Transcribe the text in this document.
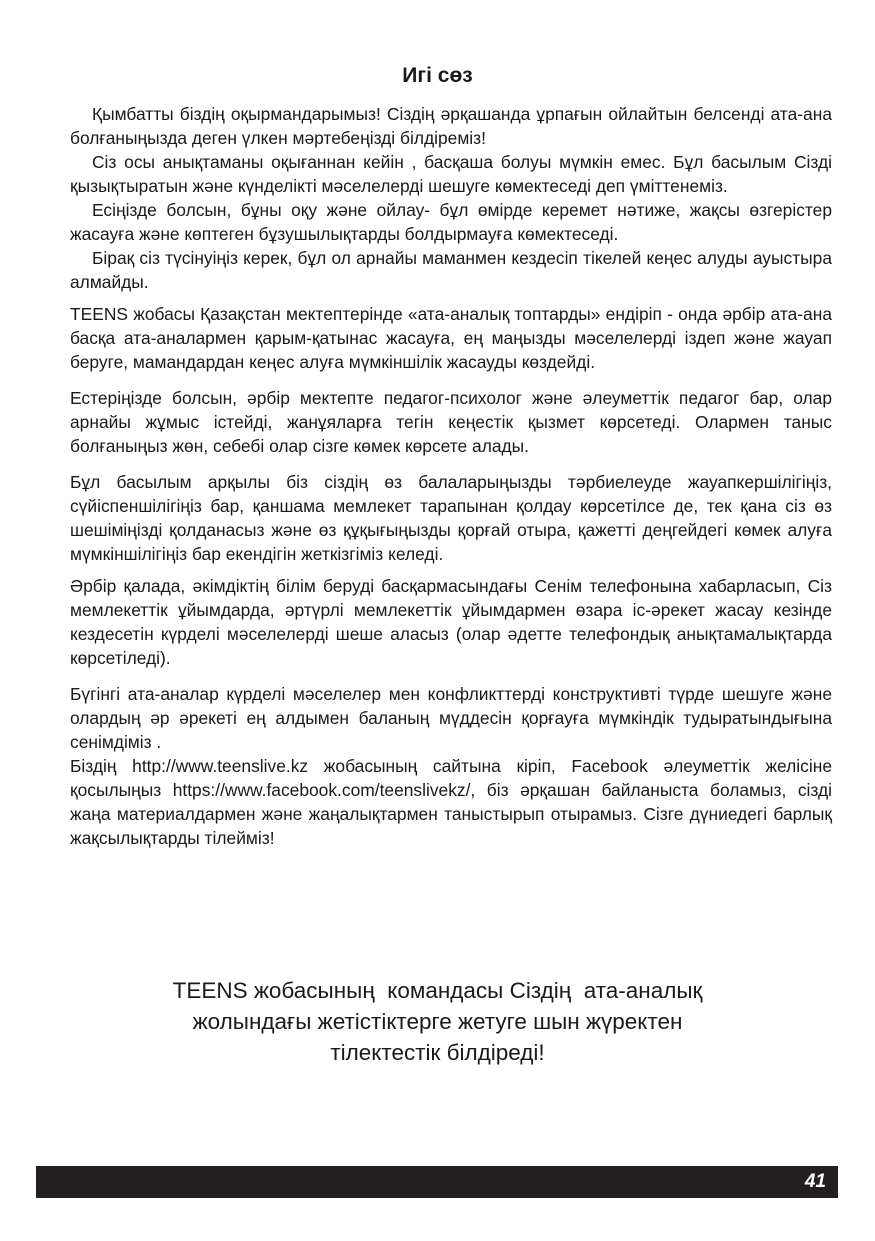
Игі сөз

Қымбатты біздің оқырмандарымыз! Сіздің әрқашанда ұрпағын ойлайтын белсенді ата-ана болғаныңызда деген үлкен мәртебеңізді білдіреміз!

Сіз осы анықтаманы оқығаннан кейін , басқаша болуы мүмкін емес. Бұл басылым Сізді қызықтыратын және күнделікті мәселелерді шешуге көмектеседі деп үміттенеміз.

Есіңізде болсын, бұны оқу және ойлау- бұл өмірде керемет нәтиже, жақсы өзгерістер жасауға және көптеген бұзушылықтарды болдырмауға көмектеседі.

Бірақ сіз түсінуіңіз керек, бұл ол арнайы маманмен кездесіп тікелей кеңес алуды ауыстыра алмайды.

TEENS жобасы Қазақстан мектептерінде «ата-аналық топтарды» ендіріп - онда әрбір ата-ана басқа ата-аналармен қарым-қатынас жасауға, ең маңызды мәселелерді іздеп және жауап беруге, мамандардан кеңес алуға мүмкіншілік жасауды көздейді.

Естеріңізде болсын, әрбір мектепте педагог-психолог және әлеуметтік педагог бар, олар арнайы жұмыс істейді, жанұяларға тегін кеңестік қызмет көрсетеді. Олармен таныс болғаныңыз жөн, себебі олар сізге көмек көрсете алады.

Бұл басылым арқылы біз сіздің өз балаларыңызды тәрбиелеуде жауапкершілігіңіз, сүйіспеншілігіңіз бар, қаншама мемлекет тарапынан қолдау көрсетілсе де, тек қана сіз өз шешіміңізді қолданасыз және өз құқығыңызды қорғай отыра, қажетті деңгейдегі көмек алуға мүмкіншілігіңіз бар екендігін жеткізгіміз келеді.

Әрбір қалада, әкімдіктің білім беруді басқармасындағы Сенім телефонына хабарласып, Сіз мемлекеттік ұйымдарда, әртүрлі мемлекеттік ұйымдармен өзара іс-әрекет жасау кезінде кездесетін күрделі мәселелерді шеше аласыз (олар әдетте телефондық анықтамалықтарда көрсетіледі).

Бүгінгі ата-аналар күрделі мәселелер мен конфликттерді конструктивті түрде шешуге және олардың әр әрекеті ең алдымен баланың мүддесін қорғауға мүмкіндік тудыратындығына сенімдіміз .

Біздің http://www.teenslive.kz жобасының сайтына кіріп, Facebook әлеуметтік желісіне қосылыңыз https://www.facebook.com/teenslivekz/, біз әрқашан байланыста боламыз, сізді жаңа материалдармен және жаңалықтармен таныстырып отырамыз. Сізге дүниедегі барлық жақсылықтарды тілейміз!

TEENS жобасының  командасы Сіздің  ата-аналық
жолындағы жетістіктерге жетуге шын жүректен
тілектестік білдіреді!
41
